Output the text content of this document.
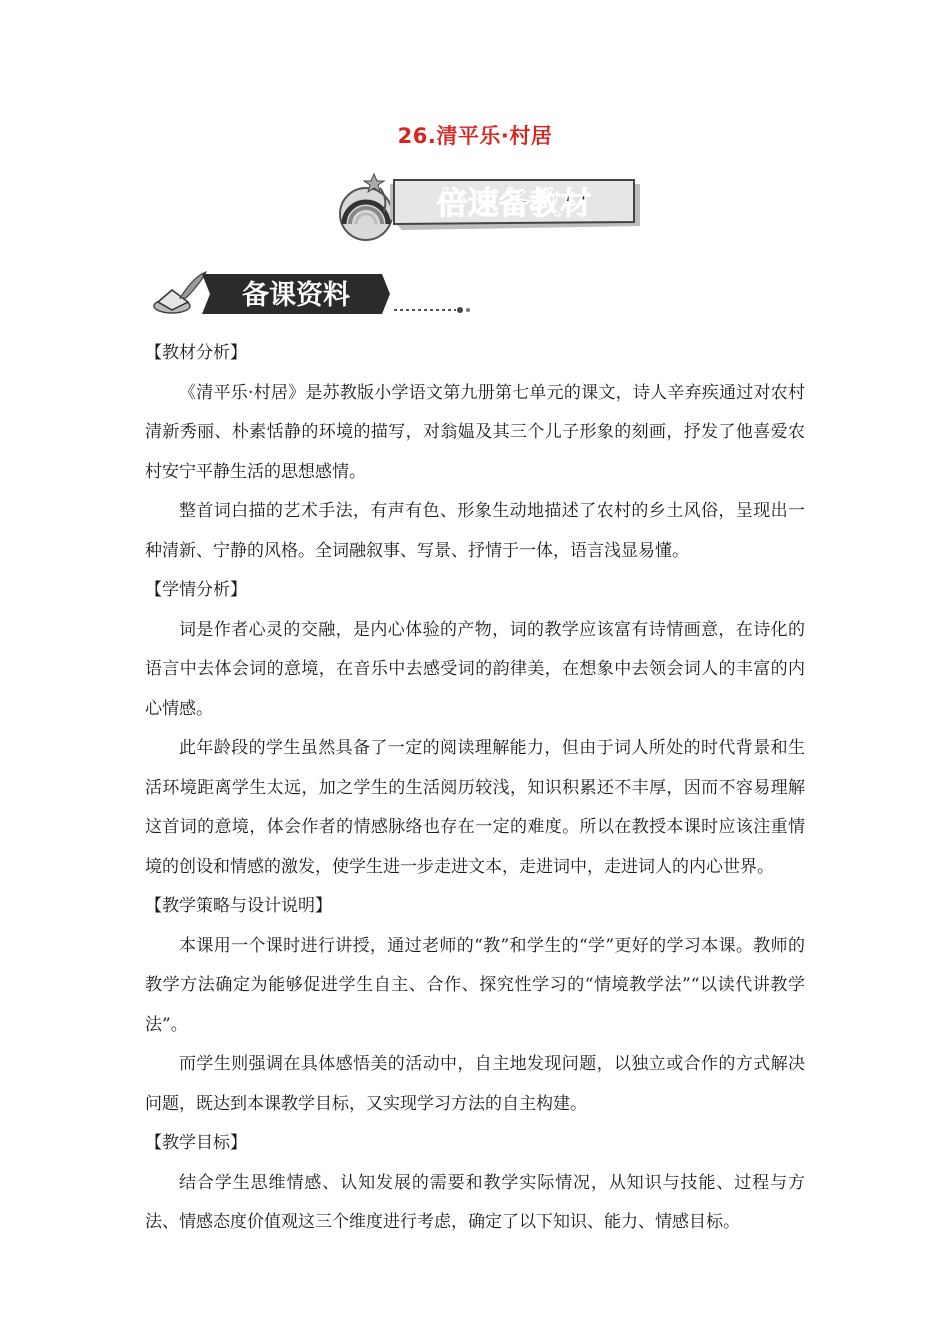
26.清平乐·村居
倍速备教材
备课资料

【教材分析】

《清平乐·村居》是苏教版小学语文第九册第七单元的课文，诗人辛弃疾通过对农村清新秀丽、朴素恬静的环境的描写，对翁媪及其三个儿子形象的刻画，抒发了他喜爱农村安宁平静生活的思想感情。

整首词白描的艺术手法，有声有色、形象生动地描述了农村的乡土风俗，呈现出一种清新、宁静的风格。全词融叙事、写景、抒情于一体，语言浅显易懂。

【学情分析】

词是作者心灵的交融，是内心体验的产物，词的教学应该富有诗情画意，在诗化的语言中去体会词的意境，在音乐中去感受词的韵律美，在想象中去领会词人的丰富的内心情感。

此年龄段的学生虽然具备了一定的阅读理解能力，但由于词人所处的时代背景和生活环境距离学生太远，加之学生的生活阅历较浅，知识积累还不丰厚，因而不容易理解这首词的意境，体会作者的情感脉络也存在一定的难度。所以在教授本课时应该注重情境的创设和情感的激发，使学生进一步走进文本，走进词中，走进词人的内心世界。

【教学策略与设计说明】

本课用一个课时进行讲授，通过老师的“教”和学生的“学”更好的学习本课。教师的教学方法确定为能够促进学生自主、合作、探究性学习的“情境教学法”“以读代讲教学法”。

而学生则强调在具体感悟美的活动中，自主地发现问题，以独立或合作的方式解决问题，既达到本课教学目标，又实现学习方法的自主构建。

【教学目标】

结合学生思维情感、认知发展的需要和教学实际情况，从知识与技能、过程与方法、情感态度价值观这三个维度进行考虑，确定了以下知识、能力、情感目标。
